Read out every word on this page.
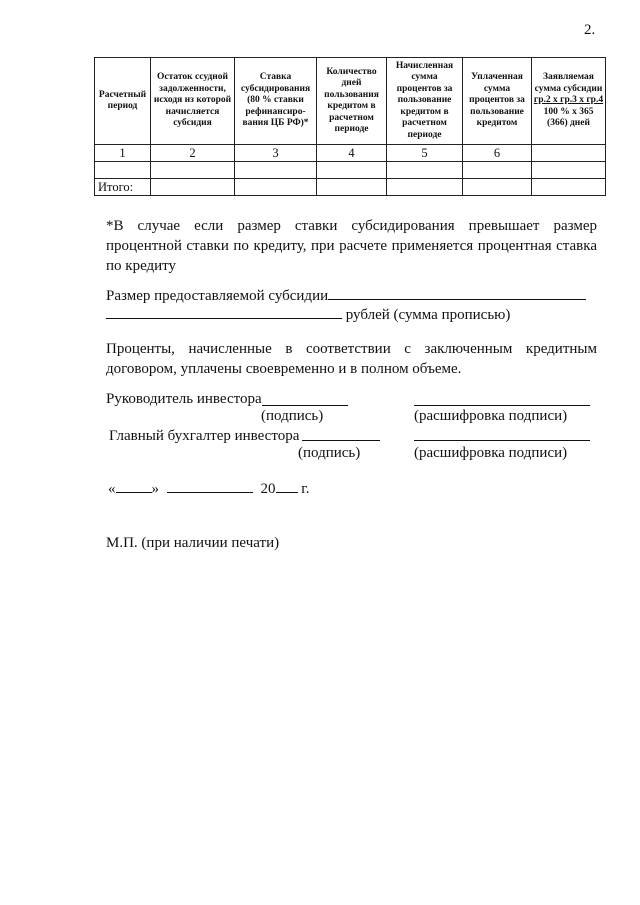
2.
Расчетный период	Остаток ссудной задолженности, исходя из которой начисляется субсидия	Ставка субсидирования (80 % ставки рефинансиро-вания ЦБ РФ)*	Количество дней пользования кредитом в расчетном периоде	Начисленная сумма процентов за пользование кредитом в расчетном периоде	Уплаченная сумма процентов за пользование кредитом	Заявляемая сумма субсидии
гр.2 x гр.3 x гр.4
100 % x 365 (366) дней
1	2	3	4	5	6	

Итого:						
*В случае если размер ставки субсидирования превышает размер процентной ставки по кредиту, при расчете применяется процентная ставка по кредиту
Размер предоставляемой субсидии
рублей (сумма прописью)
Проценты, начисленные в соответствии с заключенным кредитным договором, уплачены своевременно и в полном объеме.
Руководитель инвестора
(подпись)	(расшифровка подписи)
Главный бухгалтер инвестора
(подпись)	(расшифровка подписи)
« »	20 г.
М.П. (при наличии печати)
